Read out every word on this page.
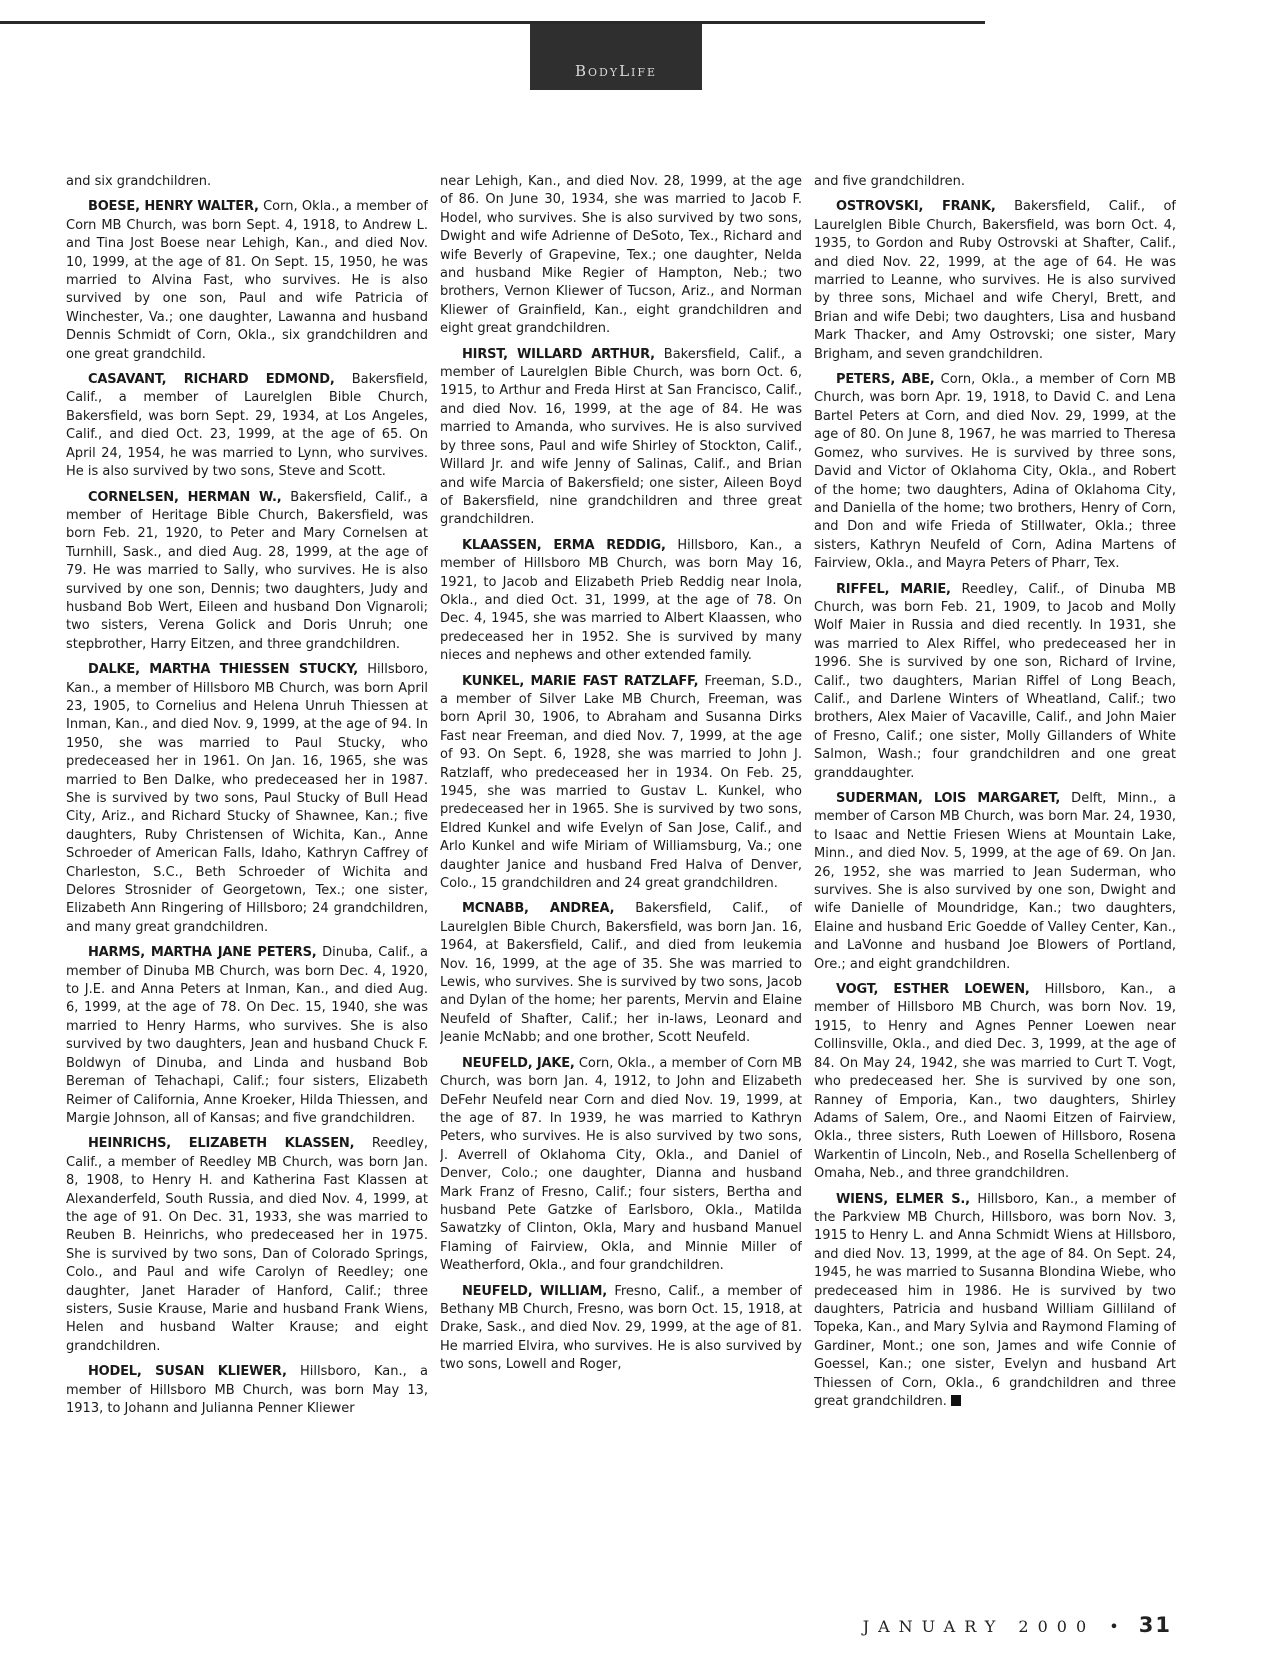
BodyLife

and six grandchildren.

BOESE, HENRY WALTER, Corn, Okla., a member of Corn MB Church, was born Sept. 4, 1918, to Andrew L. and Tina Jost Boese near Lehigh, Kan., and died Nov. 10, 1999, at the age of 81. On Sept. 15, 1950, he was married to Alvina Fast, who survives. He is also survived by one son, Paul and wife Patricia of Winchester, Va.; one daughter, Lawanna and husband Dennis Schmidt of Corn, Okla., six grandchildren and one great grandchild.

CASAVANT, RICHARD EDMOND, Bakersfield, Calif., a member of Laurelglen Bible Church, Bakersfield, was born Sept. 29, 1934, at Los Angeles, Calif., and died Oct. 23, 1999, at the age of 65. On April 24, 1954, he was married to Lynn, who survives. He is also survived by two sons, Steve and Scott.

CORNELSEN, HERMAN W., Bakersfield, Calif., a member of Heritage Bible Church, Bakersfield, was born Feb. 21, 1920, to Peter and Mary Cornelsen at Turnhill, Sask., and died Aug. 28, 1999, at the age of 79. He was married to Sally, who survives. He is also survived by one son, Dennis; two daughters, Judy and husband Bob Wert, Eileen and husband Don Vignaroli; two sisters, Verena Golick and Doris Unruh; one stepbrother, Harry Eitzen, and three grandchildren.

DALKE, MARTHA THIESSEN STUCKY, Hillsboro, Kan., a member of Hillsboro MB Church, was born April 23, 1905, to Cornelius and Helena Unruh Thiessen at Inman, Kan., and died Nov. 9, 1999, at the age of 94. In 1950, she was married to Paul Stucky, who predeceased her in 1961. On Jan. 16, 1965, she was married to Ben Dalke, who predeceased her in 1987. She is survived by two sons, Paul Stucky of Bull Head City, Ariz., and Richard Stucky of Shawnee, Kan.; five daughters, Ruby Christensen of Wichita, Kan., Anne Schroeder of American Falls, Idaho, Kathryn Caffrey of Charleston, S.C., Beth Schroeder of Wichita and Delores Strosnider of Georgetown, Tex.; one sister, Elizabeth Ann Ringering of Hillsboro; 24 grandchildren, and many great grandchildren.

HARMS, MARTHA JANE PETERS, Dinuba, Calif., a member of Dinuba MB Church, was born Dec. 4, 1920, to J.E. and Anna Peters at Inman, Kan., and died Aug. 6, 1999, at the age of 78. On Dec. 15, 1940, she was married to Henry Harms, who survives. She is also survived by two daughters, Jean and husband Chuck F. Boldwyn of Dinuba, and Linda and husband Bob Bereman of Tehachapi, Calif.; four sisters, Elizabeth Reimer of California, Anne Kroeker, Hilda Thiessen, and Margie Johnson, all of Kansas; and five grandchildren.

HEINRICHS, ELIZABETH KLASSEN, Reedley, Calif., a member of Reedley MB Church, was born Jan. 8, 1908, to Henry H. and Katherina Fast Klassen at Alexanderfeld, South Russia, and died Nov. 4, 1999, at the age of 91. On Dec. 31, 1933, she was married to Reuben B. Heinrichs, who predeceased her in 1975. She is survived by two sons, Dan of Colorado Springs, Colo., and Paul and wife Carolyn of Reedley; one daughter, Janet Harader of Hanford, Calif.; three sisters, Susie Krause, Marie and husband Frank Wiens, Helen and husband Walter Krause; and eight grandchildren.

HODEL, SUSAN KLIEWER, Hillsboro, Kan., a member of Hillsboro MB Church, was born May 13, 1913, to Johann and Julianna Penner Kliewer

near Lehigh, Kan., and died Nov. 28, 1999, at the age of 86. On June 30, 1934, she was married to Jacob F. Hodel, who survives. She is also survived by two sons, Dwight and wife Adrienne of DeSoto, Tex., Richard and wife Beverly of Grapevine, Tex.; one daughter, Nelda and husband Mike Regier of Hampton, Neb.; two brothers, Vernon Kliewer of Tucson, Ariz., and Norman Kliewer of Grainfield, Kan., eight grandchildren and eight great grandchildren.

HIRST, WILLARD ARTHUR, Bakersfield, Calif., a member of Laurelglen Bible Church, was born Oct. 6, 1915, to Arthur and Freda Hirst at San Francisco, Calif., and died Nov. 16, 1999, at the age of 84. He was married to Amanda, who survives. He is also survived by three sons, Paul and wife Shirley of Stockton, Calif., Willard Jr. and wife Jenny of Salinas, Calif., and Brian and wife Marcia of Bakersfield; one sister, Aileen Boyd of Bakersfield, nine grandchildren and three great grandchildren.

KLAASSEN, ERMA REDDIG, Hillsboro, Kan., a member of Hillsboro MB Church, was born May 16, 1921, to Jacob and Elizabeth Prieb Reddig near Inola, Okla., and died Oct. 31, 1999, at the age of 78. On Dec. 4, 1945, she was married to Albert Klaassen, who predeceased her in 1952. She is survived by many nieces and nephews and other extended family.

KUNKEL, MARIE FAST RATZLAFF, Freeman, S.D., a member of Silver Lake MB Church, Freeman, was born April 30, 1906, to Abraham and Susanna Dirks Fast near Freeman, and died Nov. 7, 1999, at the age of 93. On Sept. 6, 1928, she was married to John J. Ratzlaff, who predeceased her in 1934. On Feb. 25, 1945, she was married to Gustav L. Kunkel, who predeceased her in 1965. She is survived by two sons, Eldred Kunkel and wife Evelyn of San Jose, Calif., and Arlo Kunkel and wife Miriam of Williamsburg, Va.; one daughter Janice and husband Fred Halva of Denver, Colo., 15 grandchildren and 24 great grandchildren.

MCNABB, ANDREA, Bakersfield, Calif., of Laurelglen Bible Church, Bakersfield, was born Jan. 16, 1964, at Bakersfield, Calif., and died from leukemia Nov. 16, 1999, at the age of 35. She was married to Lewis, who survives. She is survived by two sons, Jacob and Dylan of the home; her parents, Mervin and Elaine Neufeld of Shafter, Calif.; her in-laws, Leonard and Jeanie McNabb; and one brother, Scott Neufeld.

NEUFELD, JAKE, Corn, Okla., a member of Corn MB Church, was born Jan. 4, 1912, to John and Elizabeth DeFehr Neufeld near Corn and died Nov. 19, 1999, at the age of 87. In 1939, he was married to Kathryn Peters, who survives. He is also survived by two sons, J. Averrell of Oklahoma City, Okla., and Daniel of Denver, Colo.; one daughter, Dianna and husband Mark Franz of Fresno, Calif.; four sisters, Bertha and husband Pete Gatzke of Earlsboro, Okla., Matilda Sawatzky of Clinton, Okla, Mary and husband Manuel Flaming of Fairview, Okla, and Minnie Miller of Weatherford, Okla., and four grandchildren.

NEUFELD, WILLIAM, Fresno, Calif., a member of Bethany MB Church, Fresno, was born Oct. 15, 1918, at Drake, Sask., and died Nov. 29, 1999, at the age of 81. He married Elvira, who survives. He is also survived by two sons, Lowell and Roger,

and five grandchildren.

OSTROVSKI, FRANK, Bakersfield, Calif., of Laurelglen Bible Church, Bakersfield, was born Oct. 4, 1935, to Gordon and Ruby Ostrovski at Shafter, Calif., and died Nov. 22, 1999, at the age of 64. He was married to Leanne, who survives. He is also survived by three sons, Michael and wife Cheryl, Brett, and Brian and wife Debi; two daughters, Lisa and husband Mark Thacker, and Amy Ostrovski; one sister, Mary Brigham, and seven grandchildren.

PETERS, ABE, Corn, Okla., a member of Corn MB Church, was born Apr. 19, 1918, to David C. and Lena Bartel Peters at Corn, and died Nov. 29, 1999, at the age of 80. On June 8, 1967, he was married to Theresa Gomez, who survives. He is survived by three sons, David and Victor of Oklahoma City, Okla., and Robert of the home; two daughters, Adina of Oklahoma City, and Daniella of the home; two brothers, Henry of Corn, and Don and wife Frieda of Stillwater, Okla.; three sisters, Kathryn Neufeld of Corn, Adina Martens of Fairview, Okla., and Mayra Peters of Pharr, Tex.

RIFFEL, MARIE, Reedley, Calif., of Dinuba MB Church, was born Feb. 21, 1909, to Jacob and Molly Wolf Maier in Russia and died recently. In 1931, she was married to Alex Riffel, who predeceased her in 1996. She is survived by one son, Richard of Irvine, Calif., two daughters, Marian Riffel of Long Beach, Calif., and Darlene Winters of Wheatland, Calif.; two brothers, Alex Maier of Vacaville, Calif., and John Maier of Fresno, Calif.; one sister, Molly Gillanders of White Salmon, Wash.; four grandchildren and one great granddaughter.

SUDERMAN, LOIS MARGARET, Delft, Minn., a member of Carson MB Church, was born Mar. 24, 1930, to Isaac and Nettie Friesen Wiens at Mountain Lake, Minn., and died Nov. 5, 1999, at the age of 69. On Jan. 26, 1952, she was married to Jean Suderman, who survives. She is also survived by one son, Dwight and wife Danielle of Moundridge, Kan.; two daughters, Elaine and husband Eric Goedde of Valley Center, Kan., and LaVonne and husband Joe Blowers of Portland, Ore.; and eight grandchildren.

VOGT, ESTHER LOEWEN, Hillsboro, Kan., a member of Hillsboro MB Church, was born Nov. 19, 1915, to Henry and Agnes Penner Loewen near Collinsville, Okla., and died Dec. 3, 1999, at the age of 84. On May 24, 1942, she was married to Curt T. Vogt, who predeceased her. She is survived by one son, Ranney of Emporia, Kan., two daughters, Shirley Adams of Salem, Ore., and Naomi Eitzen of Fairview, Okla., three sisters, Ruth Loewen of Hillsboro, Rosena Warkentin of Lincoln, Neb., and Rosella Schellenberg of Omaha, Neb., and three grandchildren.

WIENS, ELMER S., Hillsboro, Kan., a member of the Parkview MB Church, Hillsboro, was born Nov. 3, 1915 to Henry L. and Anna Schmidt Wiens at Hillsboro, and died Nov. 13, 1999, at the age of 84. On Sept. 24, 1945, he was married to Susanna Blondina Wiebe, who predeceased him in 1986. He is survived by two daughters, Patricia and husband William Gilliland of Topeka, Kan., and Mary Sylvia and Raymond Flaming of Gardiner, Mont.; one son, James and wife Connie of Goessel, Kan.; one sister, Evelyn and husband Art Thiessen of Corn, Okla., 6 grandchildren and three great grandchildren.

JANUARY 2000 • 31
